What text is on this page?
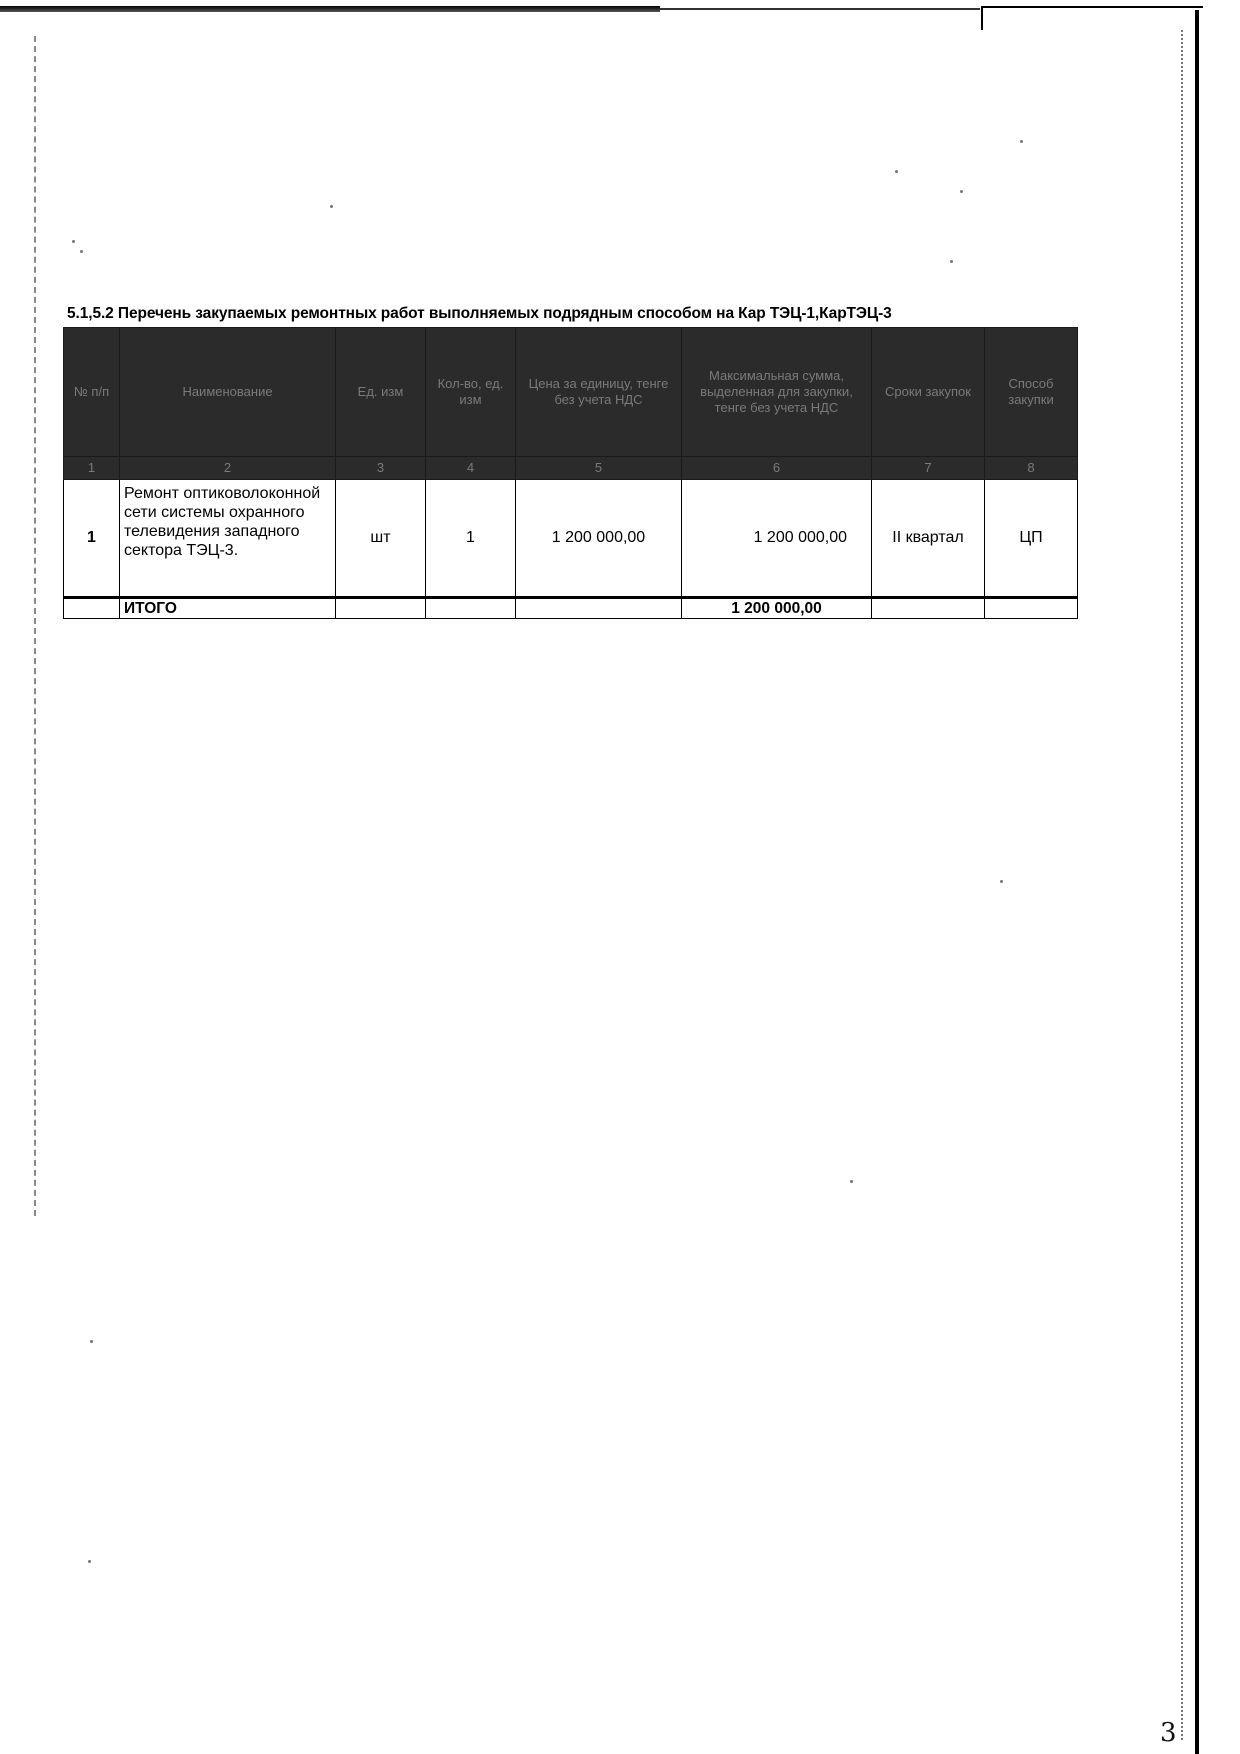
5.1,5.2 Перечень закупаемых ремонтных работ выполняемых подрядным способом на Кар ТЭЦ-1,КарТЭЦ-3
№ п/п	Наименование	Ед. изм	Кол-во, ед. изм	Цена за единицу, тенге без учета НДС	Максимальная сумма, выделенная для закупки, тенге без учета НДС	Сроки закупок	Способ закупки
1	2	3	4	5	6	7	8
1	Ремонт оптиковолоконной сети системы охранного телевидения западного сектора ТЭЦ-3.	шт	1	1 200 000,00	1 200 000,00	II квартал	ЦП
	ИТОГО				1 200 000,00		
3
